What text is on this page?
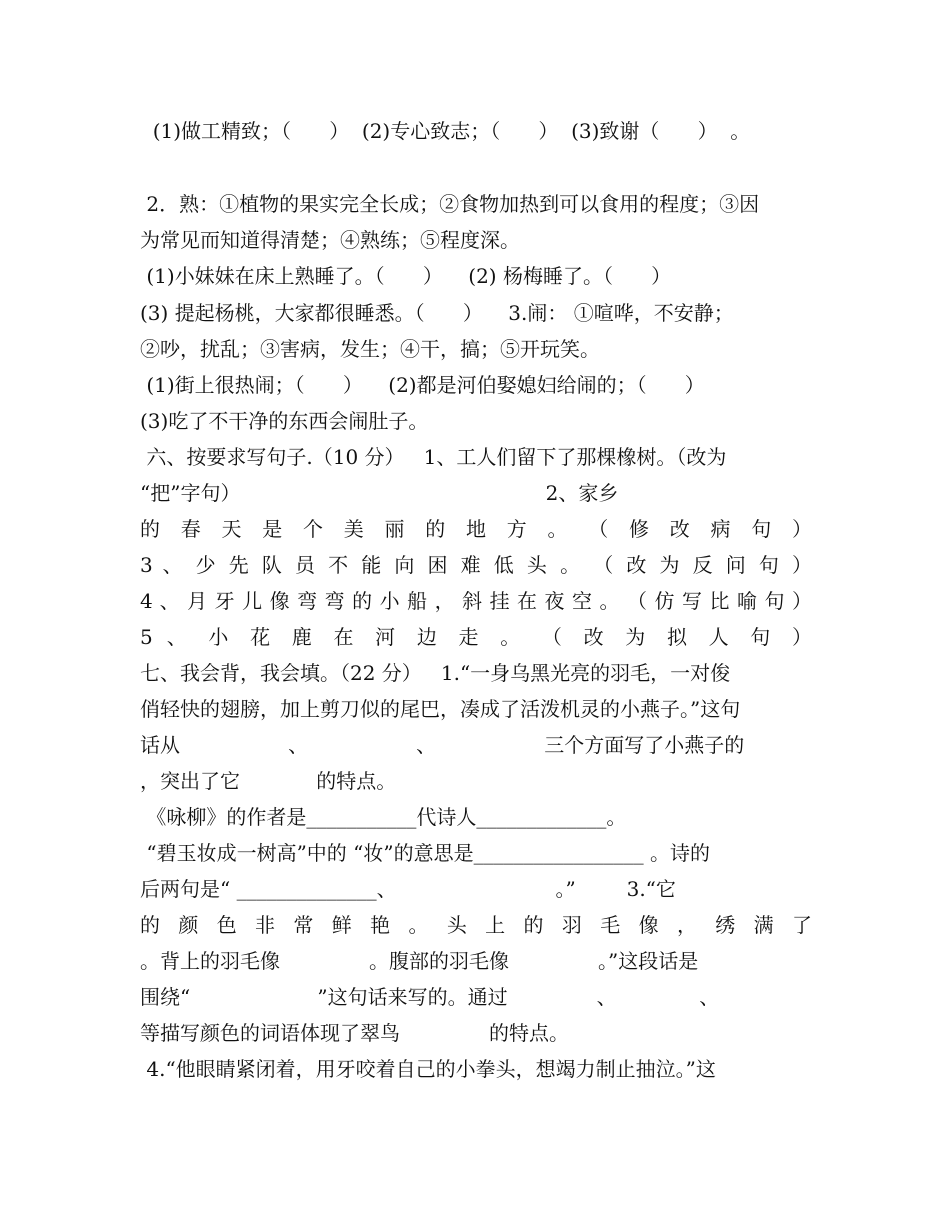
(1)做工精致；（      ）  (2)专心致志；（      ）  (3)致谢（      ）  。

2．熟：①植物的果实完全长成；②食物加热到可以食用的程度；③因

为常见而知道得清楚；④熟练；⑤程度深。

(1)小妹妹在床上熟睡了。（      ）    (2) 杨梅睡了。（      ）

(3) 提起杨桃，大家都很睡悉。（      ）    3.闹： ①喧哗，不安静；

②吵，扰乱；③害病，发生；④干，搞；⑤开玩笑。

(1)街上很热闹；（      ）    (2)都是河伯娶媳妇给闹的；（      ）

(3)吃了不干净的东西会闹肚子。

六、按要求写句子.（10 分）   1、工人们留下了那棵橡树。（改为

“把”字句）                                                2、家乡

的 春 天 是 个 美 丽 的 地 方 。 （ 修 改 病 句 ）

3 、 少 先 队 员 不 能 向 困 难 低 头 。 （ 改 为 反 问 句 ）

4 、 月 牙 儿 像 弯 弯 的 小 船 ， 斜 挂 在 夜 空 。 （ 仿 写 比 喻 句 ）

5 、 小 花 鹿 在 河 边 走 。 （ 改 为 拟 人 句 ）

七、我会背，我会填。（22 分）   1.“一身乌黑光亮的羽毛，一对俊

俏轻快的翅膀，加上剪刀似的尾巴，凑成了活泼机灵的小燕子。”这句

话从                 、                 、                 三个方面写了小燕子的

，突出了它            的特点。

《咏柳》的作者是___________代诗人_____________。

“碧玉妆成一树高”中的 “妆”的意思是_________________ 。诗的

后两句是“ ______________、                         。”        3.“它

的 颜 色 非 常 鲜 艳 。 头 上 的 羽 毛 像 ， 绣 满 了

。背上的羽毛像              。腹部的羽毛像              。”这段话是

围绕“                    ”这句话来写的。通过              、             、

等描写颜色的词语体现了翠鸟              的特点。

4.“他眼睛紧闭着，用牙咬着自己的小拳头，想竭力制止抽泣。”这
